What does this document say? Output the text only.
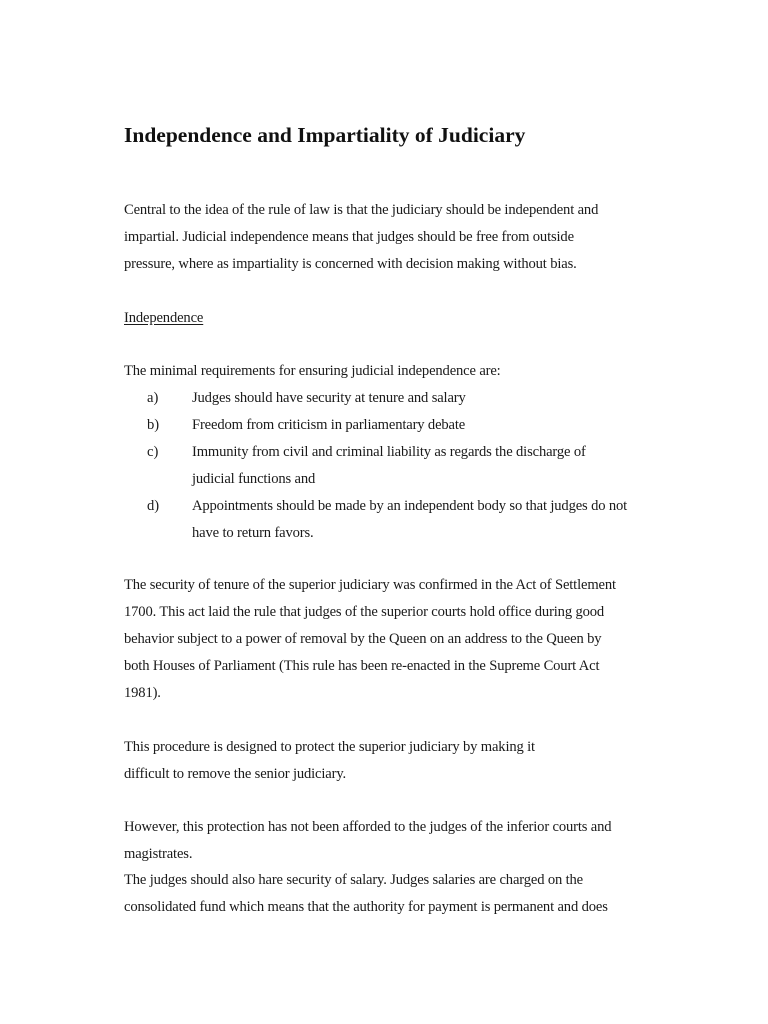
Independence and Impartiality of Judiciary
Central to the idea of the rule of law is that the judiciary should be independent and
impartial. Judicial independence means that judges should be free from outside
pressure, where as impartiality is concerned with decision making without bias.
Independence
The minimal requirements for ensuring judicial independence are:
a) Judges should have security at tenure and salary
b) Freedom from criticism in parliamentary debate
c) Immunity from civil and criminal liability as regards the discharge of
judicial functions and
d) Appointments should be made by an independent body so that judges do not
have to return favors.
The security of tenure of the superior judiciary was confirmed in the Act of Settlement
1700. This act laid the rule that judges of the superior courts hold office during good
behavior subject to a power of removal by the Queen on an address to the Queen by
both Houses of Parliament (This rule has been re-enacted in the Supreme Court Act
1981).
This procedure is designed to protect the superior judiciary by making it
difficult to remove the senior judiciary.
However, this protection has not been afforded to the judges of the inferior courts and
magistrates.
The judges should also hare security of salary. Judges salaries are charged on the
consolidated fund which means that the authority for payment is permanent and does
